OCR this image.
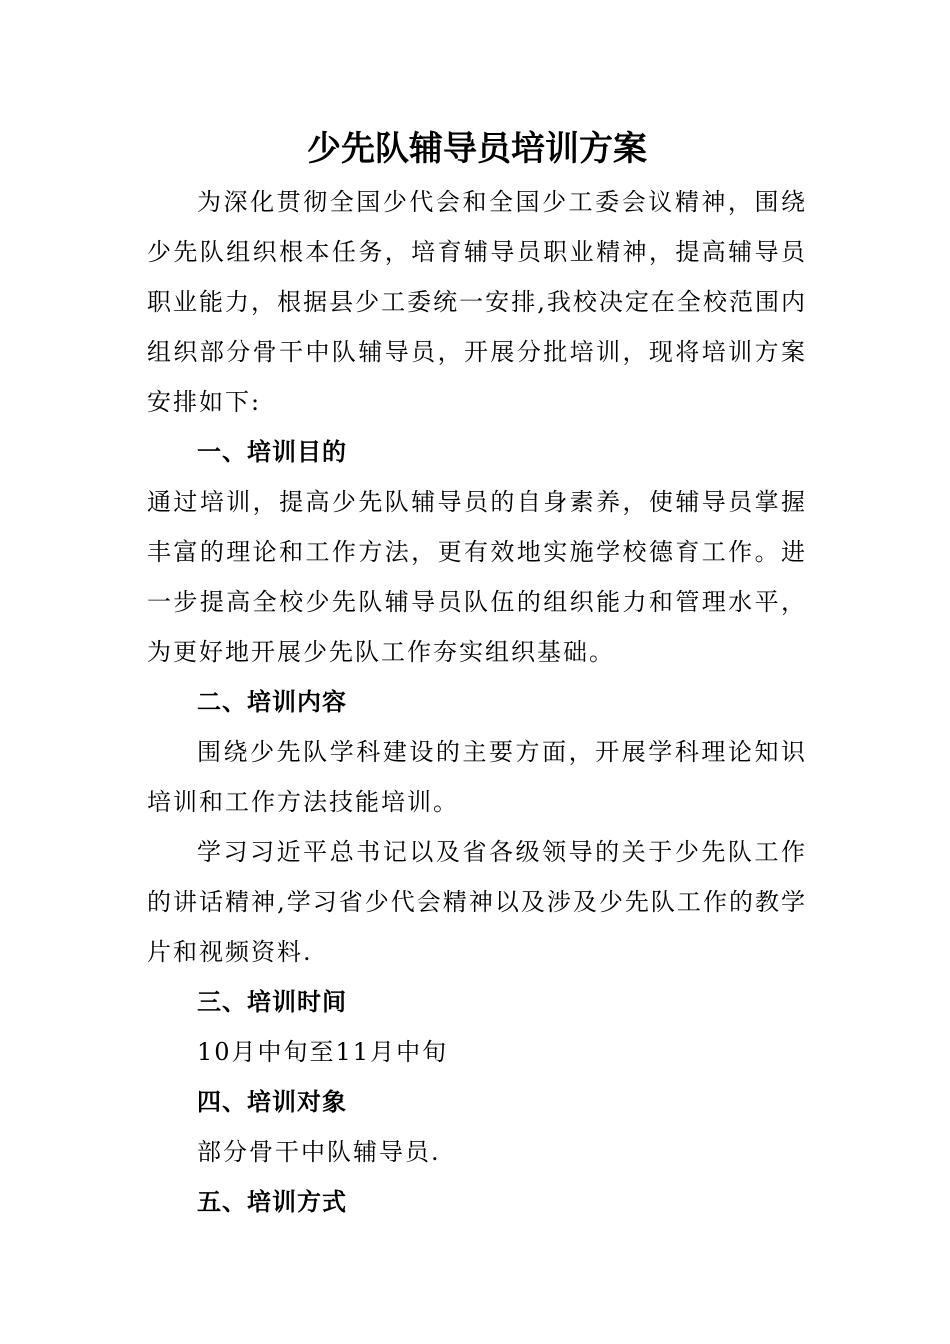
少先队辅导员培训方案

为深化贯彻全国少代会和全国少工委会议精神，围绕少先队组织根本任务，培育辅导员职业精神，提高辅导员职业能力，根据县少工委统一安排,我校决定在全校范围内组织部分骨干中队辅导员，开展分批培训，现将培训方案安排如下:

一、培训目的

通过培训，提高少先队辅导员的自身素养，使辅导员掌握丰富的理论和工作方法，更有效地实施学校德育工作。进一步提高全校少先队辅导员队伍的组织能力和管理水平，为更好地开展少先队工作夯实组织基础。

二、培训内容

围绕少先队学科建设的主要方面，开展学科理论知识培训和工作方法技能培训。

学习习近平总书记以及省各级领导的关于少先队工作的讲话精神,学习省少代会精神以及涉及少先队工作的教学片和视频资料.

三、培训时间

10月中旬至11月中旬

四、培训对象

部分骨干中队辅导员.

五、培训方式
